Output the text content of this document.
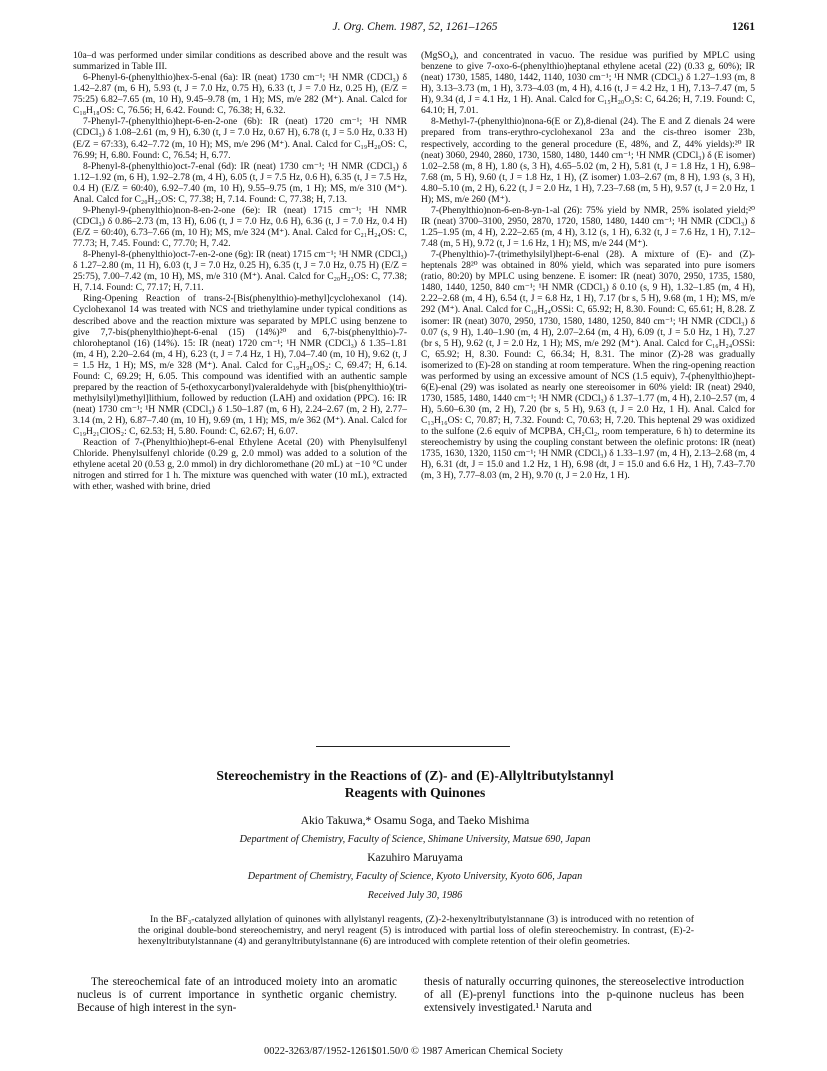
J. Org. Chem. 1987, 52, 1261–1265	1261

10a–d was performed under similar conditions as described above and the result was summarized in Table III.

6-Phenyl-6-(phenylthio)hex-5-enal (6a): IR (neat) 1730 cm⁻¹; ¹H NMR (CDCl₃) δ 1.42–2.87 (m, 6 H), 5.93 (t, J = 7.0 Hz, 0.75 H), 6.33 (t, J = 7.0 Hz, 0.25 H), (E/Z = 75:25) 6.82–7.65 (m, 10 H), 9.45–9.78 (m, 1 H); MS, m/e 282 (M⁺). Anal. Calcd for C₁₈H₁₈OS: C, 76.56; H, 6.42. Found: C, 76.38; H, 6.32.

7-Phenyl-7-(phenylthio)hept-6-en-2-one (6b): IR (neat) 1720 cm⁻¹; ¹H NMR (CDCl₃) δ 1.08–2.61 (m, 9 H), 6.30 (t, J = 7.0 Hz, 0.67 H), 6.78 (t, J = 5.0 Hz, 0.33 H) (E/Z = 67:33), 6.42–7.72 (m, 10 H); MS, m/e 296 (M⁺). Anal. Calcd for C₁₉H₂₀OS: C, 76.99; H, 6.80. Found: C, 76.54; H, 6.77.

8-Phenyl-8-(phenylthio)oct-7-enal (6d): IR (neat) 1730 cm⁻¹; ¹H NMR (CDCl₃) δ 1.12–1.92 (m, 6 H), 1.92–2.78 (m, 4 H), 6.05 (t, J = 7.5 Hz, 0.6 H), 6.35 (t, J = 7.5 Hz, 0.4 H) (E/Z = 60:40), 6.92–7.40 (m, 10 H), 9.55–9.75 (m, 1 H); MS, m/e 310 (M⁺). Anal. Calcd for C₂₀H₂₂OS: C, 77.38; H, 7.14. Found: C, 77.38; H, 7.13.

9-Phenyl-9-(phenylthio)non-8-en-2-one (6e): IR (neat) 1715 cm⁻¹; ¹H NMR (CDCl₃) δ 0.86–2.73 (m, 13 H), 6.06 (t, J = 7.0 Hz, 0.6 H), 6.36 (t, J = 7.0 Hz, 0.4 H) (E/Z = 60:40), 6.73–7.66 (m, 10 H); MS, m/e 324 (M⁺). Anal. Calcd for C₂₁H₂₄OS: C, 77.73; H, 7.45. Found: C, 77.70; H, 7.42.

8-Phenyl-8-(phenylthio)oct-7-en-2-one (6g): IR (neat) 1715 cm⁻¹; ¹H NMR (CDCl₃) δ 1.27–2.80 (m, 11 H), 6.03 (t, J = 7.0 Hz, 0.25 H), 6.35 (t, J = 7.0 Hz, 0.75 H) (E/Z = 25:75), 7.00–7.42 (m, 10 H), MS, m/e 310 (M⁺). Anal. Calcd for C₂₀H₂₂OS: C, 77.38; H, 7.14. Found: C, 77.17; H, 7.11.

Ring-Opening Reaction of trans-2-[Bis(phenylthio)-methyl]cyclohexanol (14). Cyclohexanol 14 was treated with NCS and triethylamine under typical conditions as described above and the reaction mixture was separated by MPLC using benzene to give 7,7-bis(phenylthio)hept-6-enal (15) (14%)²⁰ and 6,7-bis(phenylthio)-7-chloroheptanol (16) (14%). 15: IR (neat) 1720 cm⁻¹; ¹H NMR (CDCl₃) δ 1.35–1.81 (m, 4 H), 2.20–2.64 (m, 4 H), 6.23 (t, J = 7.4 Hz, 1 H), 7.04–7.40 (m, 10 H), 9.62 (t, J = 1.5 Hz, 1 H); MS, m/e 328 (M⁺). Anal. Calcd for C₁₉H₂₀OS₂: C, 69.47; H, 6.14. Found: C, 69.29; H, 6.05. This compound was identified with an authentic sample prepared by the reaction of 5-(ethoxycarbonyl)valeraldehyde with [bis(phenylthio)(tri-methylsilyl)methyl]lithium, followed by reduction (LAH) and oxidation (PPC). 16: IR (neat) 1730 cm⁻¹; ¹H NMR (CDCl₃) δ 1.50–1.87 (m, 6 H), 2.24–2.67 (m, 2 H), 2.77–3.14 (m, 2 H), 6.87–7.40 (m, 10 H), 9.69 (m, 1 H); MS, m/e 362 (M⁺). Anal. Calcd for C₁₉H₂₁ClOS₂: C, 62.53; H, 5.80. Found: C, 62.67; H, 6.07.

Reaction of 7-(Phenylthio)hept-6-enal Ethylene Acetal (20) with Phenylsulfenyl Chloride. Phenylsulfenyl chloride (0.29 g, 2.0 mmol) was added to a solution of the ethylene acetal 20 (0.53 g, 2.0 mmol) in dry dichloromethane (20 mL) at −10 °C under nitrogen and stirred for 1 h. The mixture was quenched with water (10 mL), extracted with ether, washed with brine, dried

(MgSO₄), and concentrated in vacuo. The residue was purified by MPLC using benzene to give 7-oxo-6-(phenylthio)heptanal ethylene acetal (22) (0.33 g, 60%); IR (neat) 1730, 1585, 1480, 1442, 1140, 1030 cm⁻¹; ¹H NMR (CDCl₃) δ 1.27–1.93 (m, 8 H), 3.13–3.73 (m, 1 H), 3.73–4.03 (m, 4 H), 4.16 (t, J = 4.2 Hz, 1 H), 7.13–7.47 (m, 5 H), 9.34 (d, J = 4.1 Hz, 1 H). Anal. Calcd for C₁₅H₂₀O₃S: C, 64.26; H, 7.19. Found: C, 64.10; H, 7.01.

8-Methyl-7-(phenylthio)nona-6(E or Z),8-dienal (24). The E and Z dienals 24 were prepared from trans-erythro-cyclohexanol 23a and the cis-threo isomer 23b, respectively, according to the general procedure (E, 48%, and Z, 44% yields):²⁰ IR (neat) 3060, 2940, 2860, 1730, 1580, 1480, 1440 cm⁻¹; ¹H NMR (CDCl₃) δ (E isomer) 1.02–2.58 (m, 8 H), 1.80 (s, 3 H), 4.65–5.02 (m, 2 H), 5.81 (t, J = 1.8 Hz, 1 H), 6.98–7.68 (m, 5 H), 9.60 (t, J = 1.8 Hz, 1 H), (Z isomer) 1.03–2.67 (m, 8 H), 1.93 (s, 3 H), 4.80–5.10 (m, 2 H), 6.22 (t, J = 2.0 Hz, 1 H), 7.23–7.68 (m, 5 H), 9.57 (t, J = 2.0 Hz, 1 H); MS, m/e 260 (M⁺).

7-(Phenylthio)non-6-en-8-yn-1-al (26): 75% yield by NMR, 25% isolated yield;²⁰ IR (neat) 3700–3100, 2950, 2870, 1720, 1580, 1480, 1440 cm⁻¹; ¹H NMR (CDCl₃) δ 1.25–1.95 (m, 4 H), 2.22–2.65 (m, 4 H), 3.12 (s, 1 H), 6.32 (t, J = 7.6 Hz, 1 H), 7.12–7.48 (m, 5 H), 9.72 (t, J = 1.6 Hz, 1 H); MS, m/e 244 (M⁺).

7-(Phenylthio)-7-(trimethylsilyl)hept-6-enal (28). A mixture of (E)- and (Z)-heptenals 28²⁰ was obtained in 80% yield, which was separated into pure isomers (ratio, 80:20) by MPLC using benzene. E isomer: IR (neat) 3070, 2950, 1735, 1580, 1480, 1440, 1250, 840 cm⁻¹; ¹H NMR (CDCl₃) δ 0.10 (s, 9 H), 1.32–1.85 (m, 4 H), 2.22–2.68 (m, 4 H), 6.54 (t, J = 6.8 Hz, 1 H), 7.17 (br s, 5 H), 9.68 (m, 1 H); MS, m/e 292 (M⁺). Anal. Calcd for C₁₆H₂₄OSSi: C, 65.92; H, 8.30. Found: C, 65.61; H, 8.28. Z isomer: IR (neat) 3070, 2950, 1730, 1580, 1480, 1250, 840 cm⁻¹; ¹H NMR (CDCl₃) δ 0.07 (s, 9 H), 1.40–1.90 (m, 4 H), 2.07–2.64 (m, 4 H), 6.09 (t, J = 5.0 Hz, 1 H), 7.27 (br s, 5 H), 9.62 (t, J = 2.0 Hz, 1 H); MS, m/e 292 (M⁺). Anal. Calcd for C₁₆H₂₄OSSi: C, 65.92; H, 8.30. Found: C, 66.34; H, 8.31. The minor (Z)-28 was gradually isomerized to (E)-28 on standing at room temperature. When the ring-opening reaction was performed by using an excessive amount of NCS (1.5 equiv), 7-(phenylthio)hept-6(E)-enal (29) was isolated as nearly one stereoisomer in 60% yield: IR (neat) 2940, 1730, 1585, 1480, 1440 cm⁻¹; ¹H NMR (CDCl₃) δ 1.37–1.77 (m, 4 H), 2.10–2.57 (m, 4 H), 5.60–6.30 (m, 2 H), 7.20 (br s, 5 H), 9.63 (t, J = 2.0 Hz, 1 H). Anal. Calcd for C₁₃H₁₆OS: C, 70.87; H, 7.32. Found: C, 70.63; H, 7.20. This heptenal 29 was oxidized to the sulfone (2.6 equiv of MCPBA, CH₂Cl₂, room temperature, 6 h) to determine its stereochemistry by using the coupling constant between the olefinic protons: IR (neat) 1735, 1630, 1320, 1150 cm⁻¹; ¹H NMR (CDCl₃) δ 1.33–1.97 (m, 4 H), 2.13–2.68 (m, 4 H), 6.31 (dt, J = 15.0 and 1.2 Hz, 1 H), 6.98 (dt, J = 15.0 and 6.6 Hz, 1 H), 7.43–7.70 (m, 3 H), 7.77–8.03 (m, 2 H), 9.70 (t, J = 2.0 Hz, 1 H).

Stereochemistry in the Reactions of (Z)- and (E)-Allyltributylstannyl
Reagents with Quinones
Akio Takuwa,* Osamu Soga, and Taeko Mishima
Department of Chemistry, Faculty of Science, Shimane University, Matsue 690, Japan
Kazuhiro Maruyama
Department of Chemistry, Faculty of Science, Kyoto University, Kyoto 606, Japan
Received July 30, 1986
In the BF₃-catalyzed allylation of quinones with allylstanyl reagents, (Z)-2-hexenyltributylstannane (3) is introduced with no retention of the original double-bond stereochemistry, and neryl reagent (5) is introduced with partial loss of olefin stereochemistry. In contrast, (E)-2-hexenyltributylstannane (4) and geranyltributylstannane (6) are introduced with complete retention of their olefin geometries.
The stereochemical fate of an introduced moiety into an aromatic nucleus is of current importance in synthetic organic chemistry. Because of high interest in the syn-
thesis of naturally occurring quinones, the stereoselective introduction of all (E)-prenyl functions into the p-quinone nucleus has been extensively investigated.¹ Naruta and
0022-3263/87/1952-1261$01.50/0 © 1987 American Chemical Society
